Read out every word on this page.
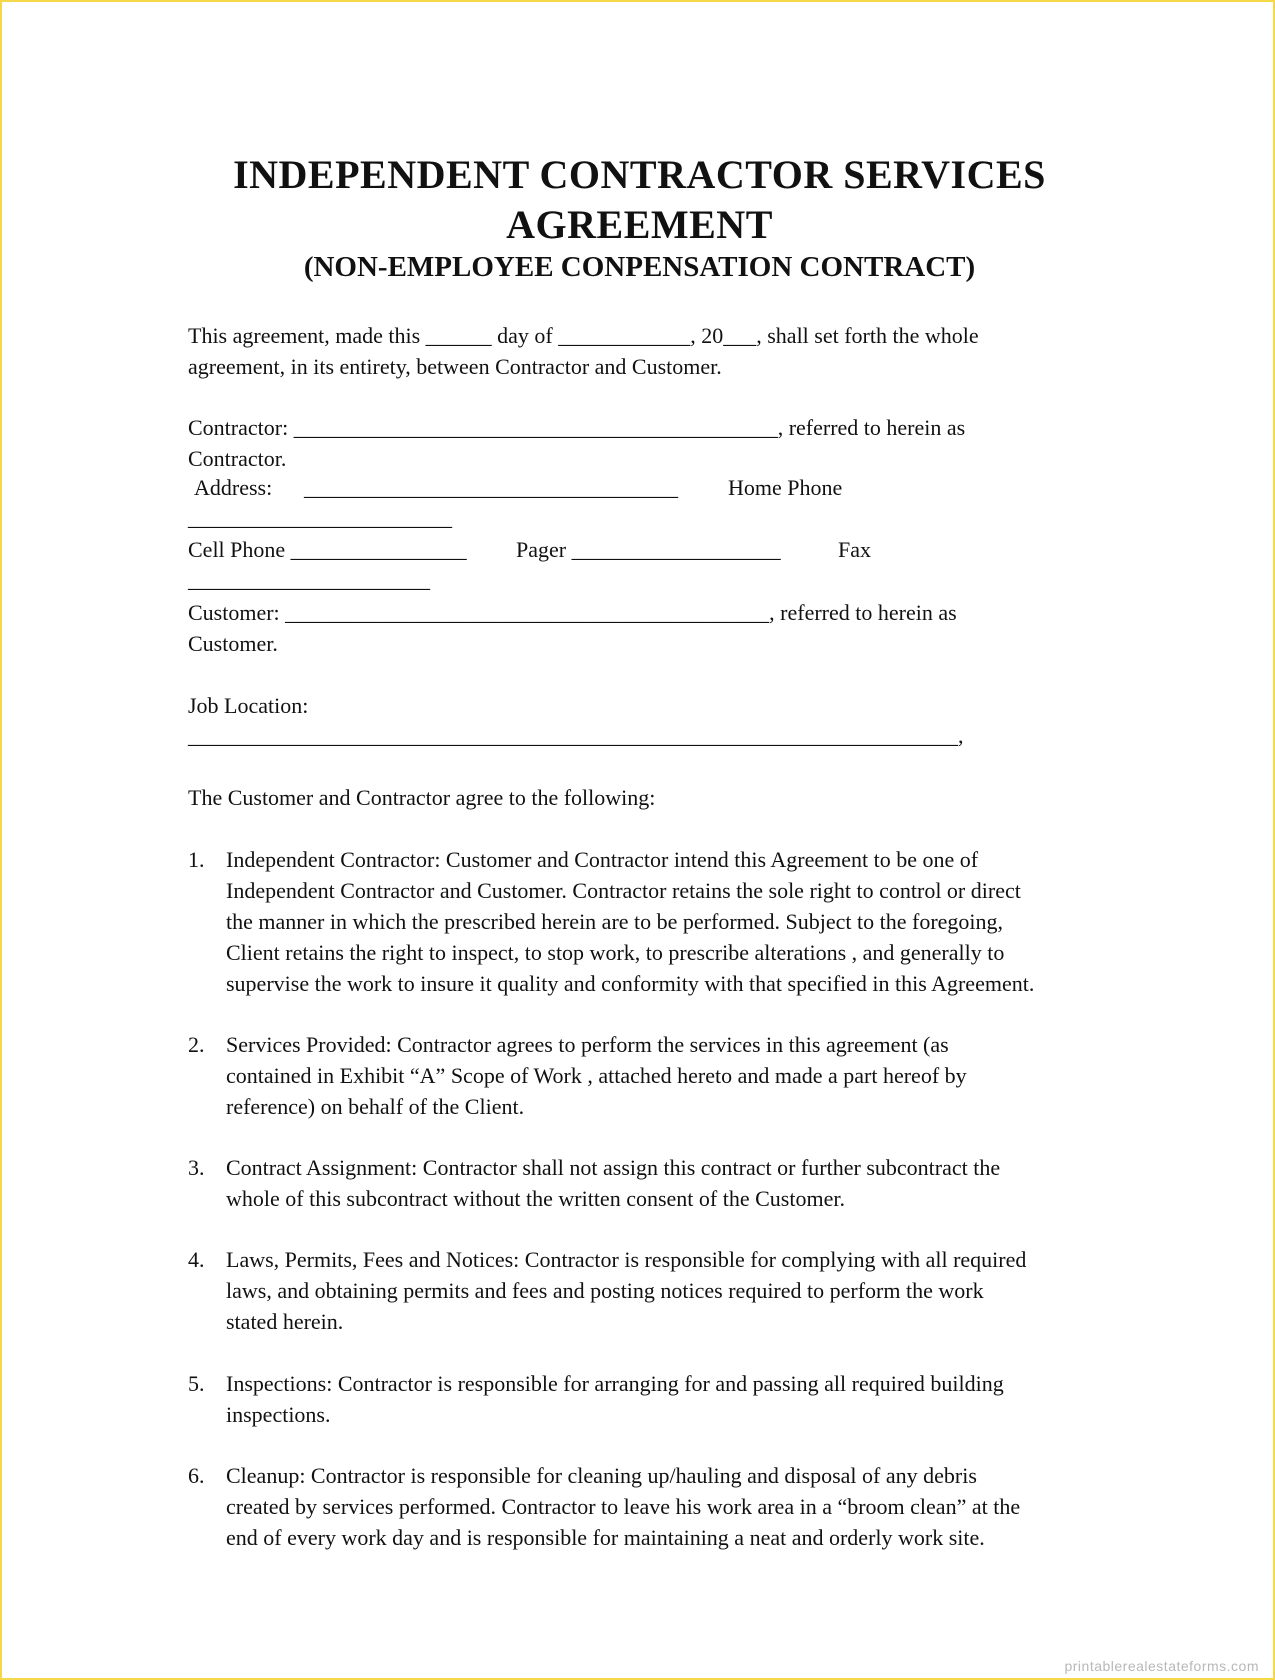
INDEPENDENT CONTRACTOR SERVICES
AGREEMENT
(NON-EMPLOYEE CONPENSATION CONTRACT)
This agreement, made this ______ day of ____________, 20___, shall set forth the whole
agreement, in its entirety, between Contractor and Customer.
Contractor: ____________________________________________, referred to herein as
Contractor.
Address: __________________________________ Home Phone
________________________
Cell Phone ________________ Pager ___________________	Fax
______________________
Customer: ____________________________________________, referred to herein as
Customer.
Job Location:
______________________________________________________________________,
The Customer and Contractor agree to the following:
1. Independent Contractor: Customer and Contractor intend this Agreement to be one of
Independent Contractor and Customer. Contractor retains the sole right to control or direct
the manner in which the prescribed herein are to be performed. Subject to the foregoing,
Client retains the right to inspect, to stop work, to prescribe alterations , and generally to
supervise the work to insure it quality and conformity with that specified in this Agreement.
2. Services Provided: Contractor agrees to perform the services in this agreement (as
contained in Exhibit “A” Scope of Work , attached hereto and made a part hereof by
reference) on behalf of the Client.
3. Contract Assignment: Contractor shall not assign this contract or further subcontract the
whole of this subcontract without the written consent of the Customer.
4. Laws, Permits, Fees and Notices: Contractor is responsible for complying with all required
laws, and obtaining permits and fees and posting notices required to perform the work
stated herein.
5. Inspections: Contractor is responsible for arranging for and passing all required building
inspections.
6. Cleanup: Contractor is responsible for cleaning up/hauling and disposal of any debris
created by services performed. Contractor to leave his work area in a “broom clean” at the
end of every work day and is responsible for maintaining a neat and orderly work site.

printablerealestateforms.com
